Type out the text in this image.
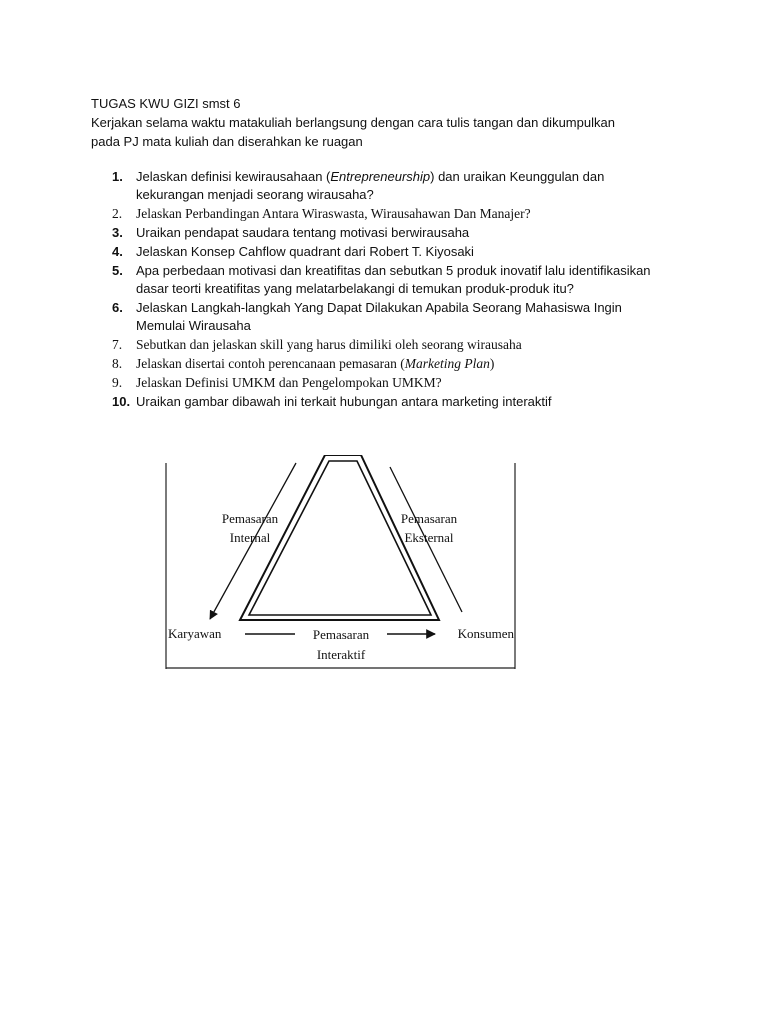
TUGAS KWU GIZI smst 6
Kerjakan selama waktu matakuliah berlangsung dengan cara tulis tangan dan dikumpulkan
pada PJ mata kuliah dan diserahkan ke ruagan
1.	Jelaskan definisi kewirausahaan (Entrepreneurship) dan uraikan Keunggulan dan kekurangan menjadi seorang wirausaha?
2.	Jelaskan Perbandingan Antara Wiraswasta, Wirausahawan Dan Manajer?
3.	Uraikan pendapat saudara tentang motivasi berwirausaha
4.	Jelaskan Konsep Cahflow quadrant dari Robert T. Kiyosaki
5.	Apa perbedaan motivasi dan kreatifitas dan sebutkan 5 produk inovatif lalu identifikasikan dasar teorti kreatifitas yang melatarbelakangi di temukan produk-produk itu?
6.	Jelaskan Langkah-langkah Yang Dapat Dilakukan Apabila Seorang Mahasiswa Ingin Memulai Wirausaha
7.	Sebutkan dan jelaskan skill yang harus dimiliki oleh seorang wirausaha
8.	Jelaskan disertai contoh perencanaan pemasaran (Marketing Plan)
9.	Jelaskan Definisi UMKM dan Pengelompokan UMKM?
10. Uraikan gambar dibawah ini terkait hubungan antara marketing interaktif
Pemasaran
Internal
Pemasaran
Eksternal
Karyawan	Konsumen
Pemasaran
Interaktif
